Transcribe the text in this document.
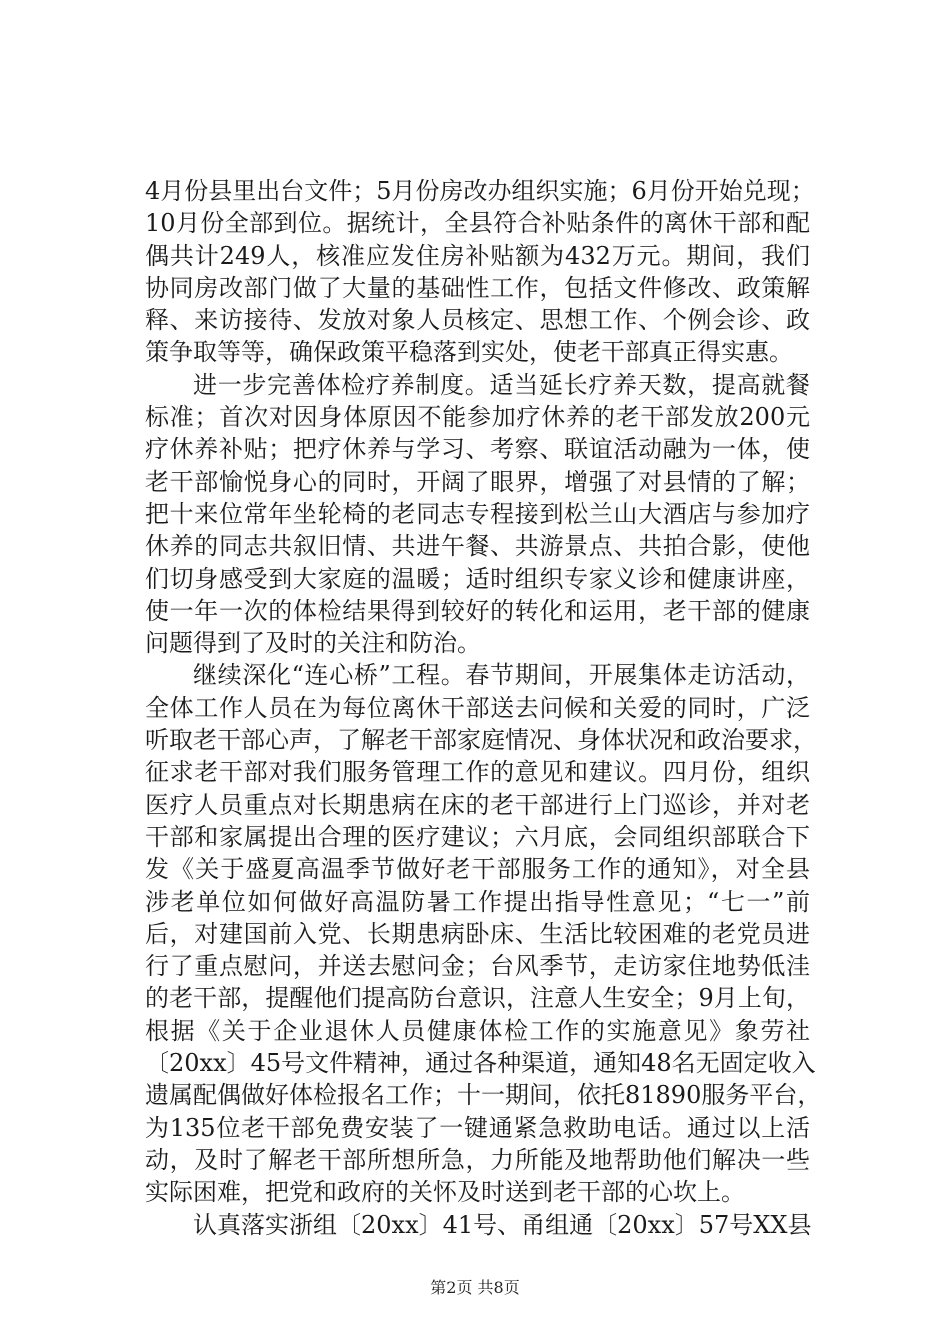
4月份县里出台文件；5月份房改办组织实施；6月份开始兑现；
10月份全部到位。据统计，全县符合补贴条件的离休干部和配
偶共计249人，核准应发住房补贴额为432万元。期间，我们
协同房改部门做了大量的基础性工作，包括文件修改、政策解
释、来访接待、发放对象人员核定、思想工作、个例会诊、政
策争取等等，确保政策平稳落到实处，使老干部真正得实惠。
进一步完善体检疗养制度。适当延长疗养天数，提高就餐
标准；首次对因身体原因不能参加疗休养的老干部发放200元
疗休养补贴；把疗休养与学习、考察、联谊活动融为一体，使
老干部愉悦身心的同时，开阔了眼界，增强了对县情的了解；
把十来位常年坐轮椅的老同志专程接到松兰山大酒店与参加疗
休养的同志共叙旧情、共进午餐、共游景点、共拍合影，使他
们切身感受到大家庭的温暖；适时组织专家义诊和健康讲座，
使一年一次的体检结果得到较好的转化和运用，老干部的健康
问题得到了及时的关注和防治。
继续深化“连心桥”工程。春节期间，开展集体走访活动，
全体工作人员在为每位离休干部送去问候和关爱的同时，广泛
听取老干部心声，了解老干部家庭情况、身体状况和政治要求，
征求老干部对我们服务管理工作的意见和建议。四月份，组织
医疗人员重点对长期患病在床的老干部进行上门巡诊，并对老
干部和家属提出合理的医疗建议；六月底，会同组织部联合下
发《关于盛夏高温季节做好老干部服务工作的通知》，对全县
涉老单位如何做好高温防暑工作提出指导性意见；“七一”前
后，对建国前入党、长期患病卧床、生活比较困难的老党员进
行了重点慰问，并送去慰问金；台风季节，走访家住地势低洼
的老干部，提醒他们提高防台意识，注意人生安全；9月上旬，
根据《关于企业退休人员健康体检工作的实施意见》象劳社
〔20xx〕45号文件精神，通过各种渠道，通知48名无固定收入
遗属配偶做好体检报名工作；十一期间，依托81890服务平台，
为135位老干部免费安装了一键通紧急救助电话。通过以上活
动，及时了解老干部所想所急，力所能及地帮助他们解决一些
实际困难，把党和政府的关怀及时送到老干部的心坎上。
认真落实浙组〔20xx〕41号、甬组通〔20xx〕57号XX县
第2页 共8页
